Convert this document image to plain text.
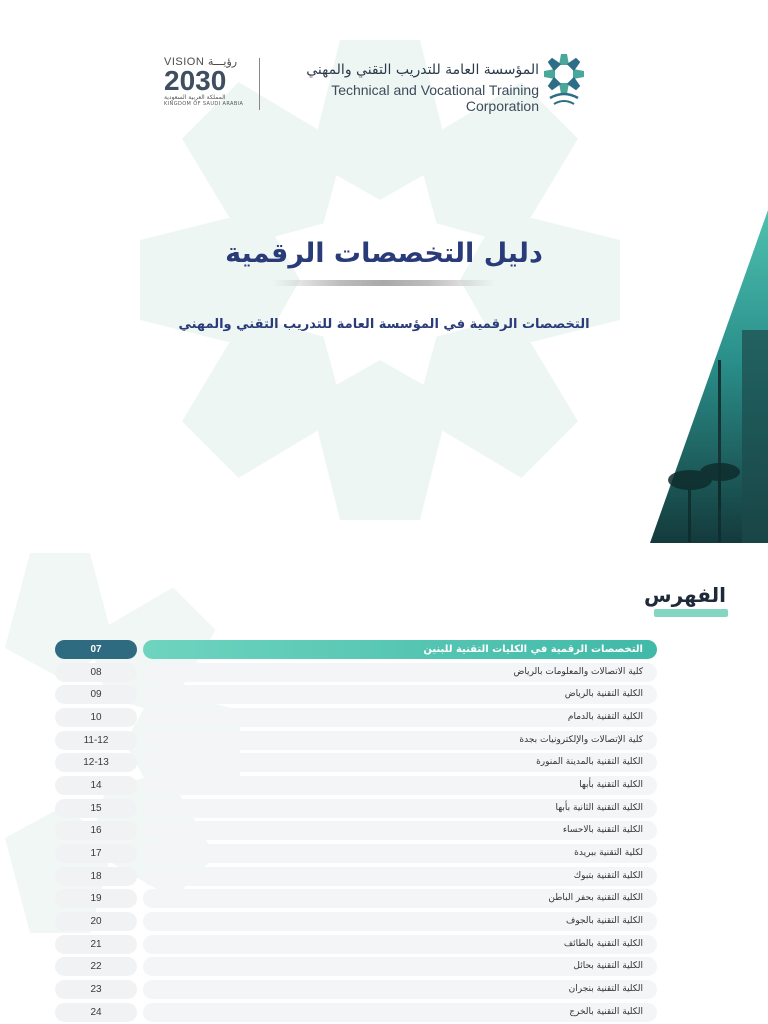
VISION رؤيـــة
2030
المملكة العربية السعودية
KINGDOM OF SAUDI ARABIA
المؤسسة العامة للتدريب التقني والمهني
Technical and Vocational Training Corporation
دليل التخصصات الرقمية
التخصصات الرقمية في المؤسسة العامة للتدريب التقني والمهني
الفهرس
07	التخصصات الرقمية في الكليات التقنية للبنين
08	كلية الاتصالات والمعلومات بالرياض
09	الكلية التقنية بالرياض
10	الكلية التقنية بالدمام
11-12	كلية الإتصالات والإلكترونيات بجدة
12-13	الكلية التقنية بالمدينة المنورة
14	الكلية التقنية بأبها
15	الكلية التقنية الثانية بأبها
16	الكلية التقنية بالاحساء
17	لكلية التقنية ببريدة
18	الكلية التقنية بتبوك
19	الكلية التقنية بحفر الباطن
20	الكلية التقنية بالجوف
21	الكلية التقنية بالطائف
22	الكلية التقنية بحائل
23	الكلية التقنية بنجران
24	الكلية التقنية بالخرج
